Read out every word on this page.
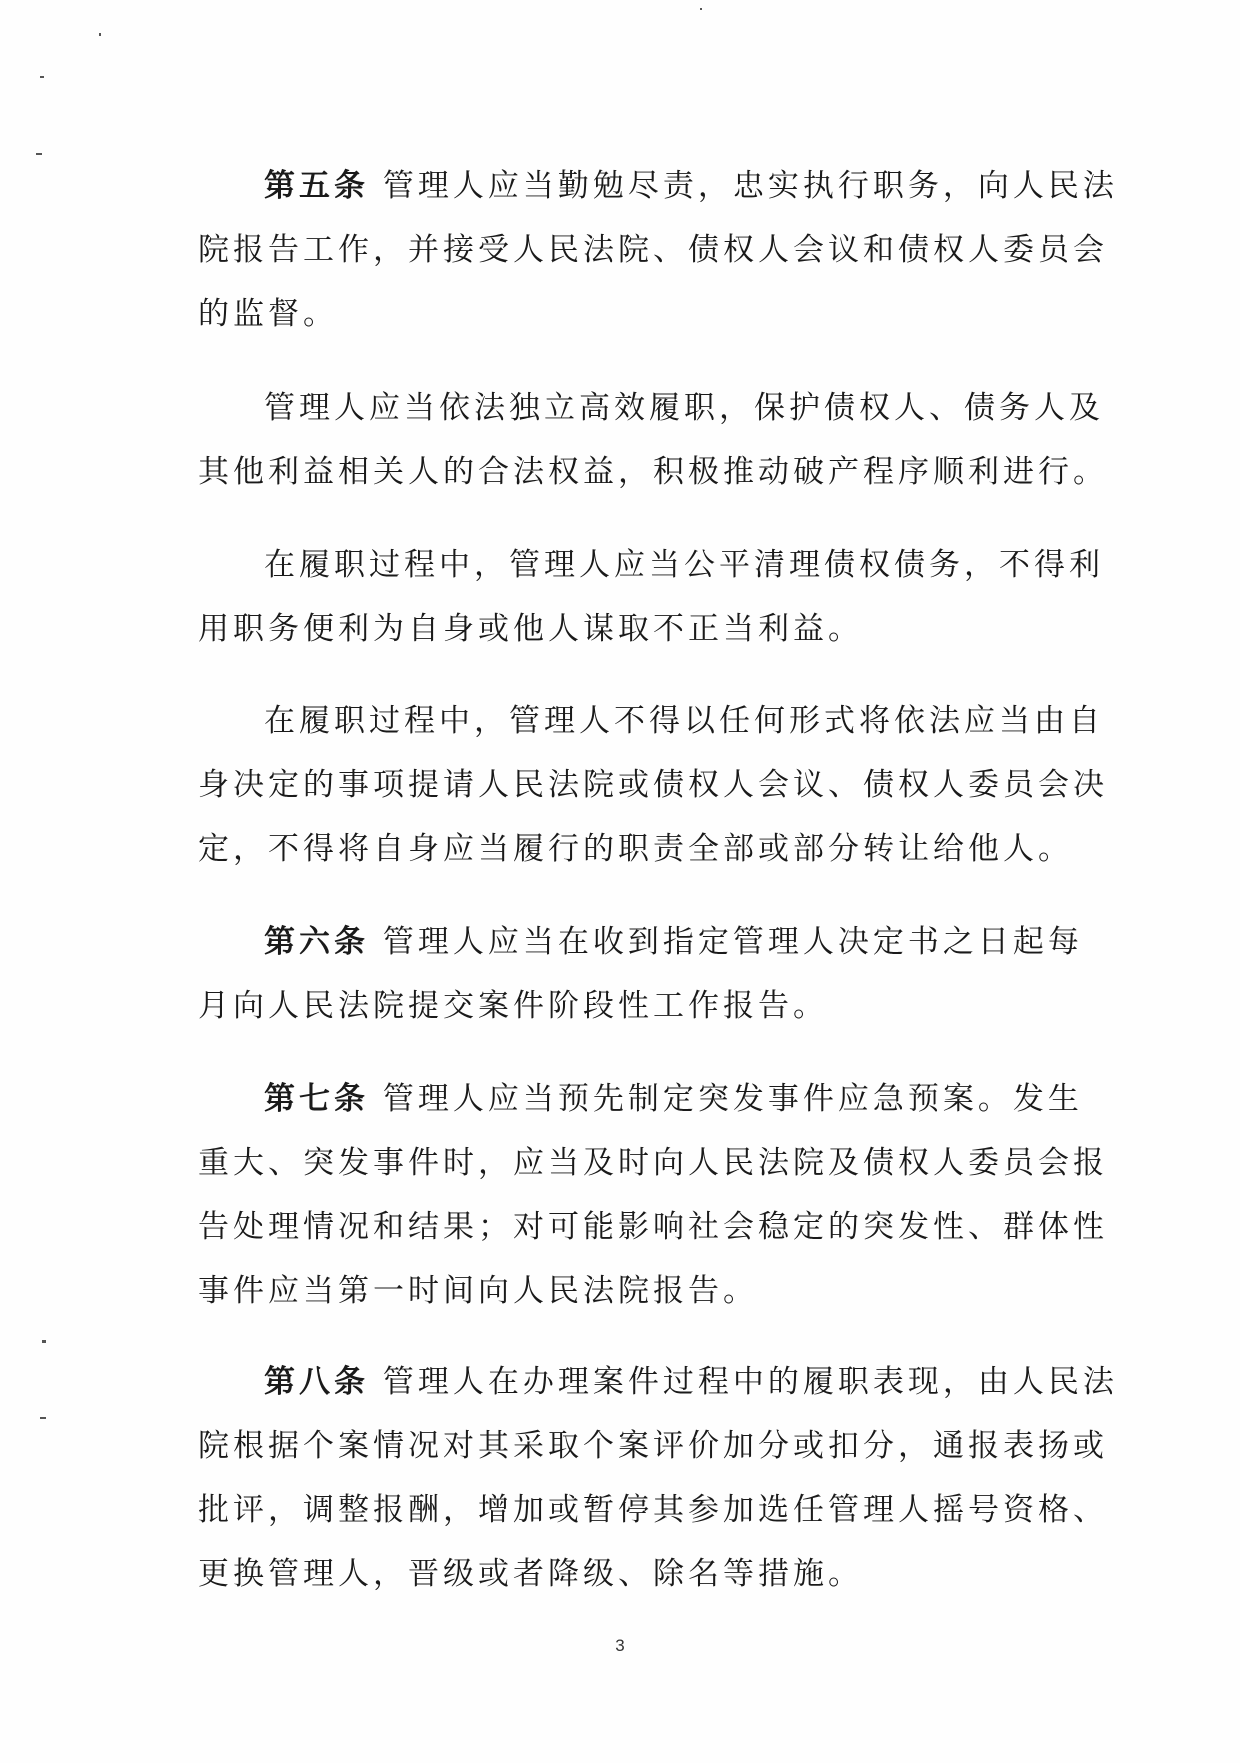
第五条 管理人应当勤勉尽责，忠实执行职务，向人民法
院报告工作，并接受人民法院、债权人会议和债权人委员会
的监督。
管理人应当依法独立高效履职，保护债权人、债务人及
其他利益相关人的合法权益，积极推动破产程序顺利进行。
在履职过程中，管理人应当公平清理债权债务，不得利
用职务便利为自身或他人谋取不正当利益。
在履职过程中，管理人不得以任何形式将依法应当由自
身决定的事项提请人民法院或债权人会议、债权人委员会决
定，不得将自身应当履行的职责全部或部分转让给他人。
第六条 管理人应当在收到指定管理人决定书之日起每
月向人民法院提交案件阶段性工作报告。
第七条 管理人应当预先制定突发事件应急预案。发生
重大、突发事件时，应当及时向人民法院及债权人委员会报
告处理情况和结果；对可能影响社会稳定的突发性、群体性
事件应当第一时间向人民法院报告。
第八条 管理人在办理案件过程中的履职表现，由人民法
院根据个案情况对其采取个案评价加分或扣分，通报表扬或
批评，调整报酬，增加或暂停其参加选任管理人摇号资格、
更换管理人，晋级或者降级、除名等措施。
3
